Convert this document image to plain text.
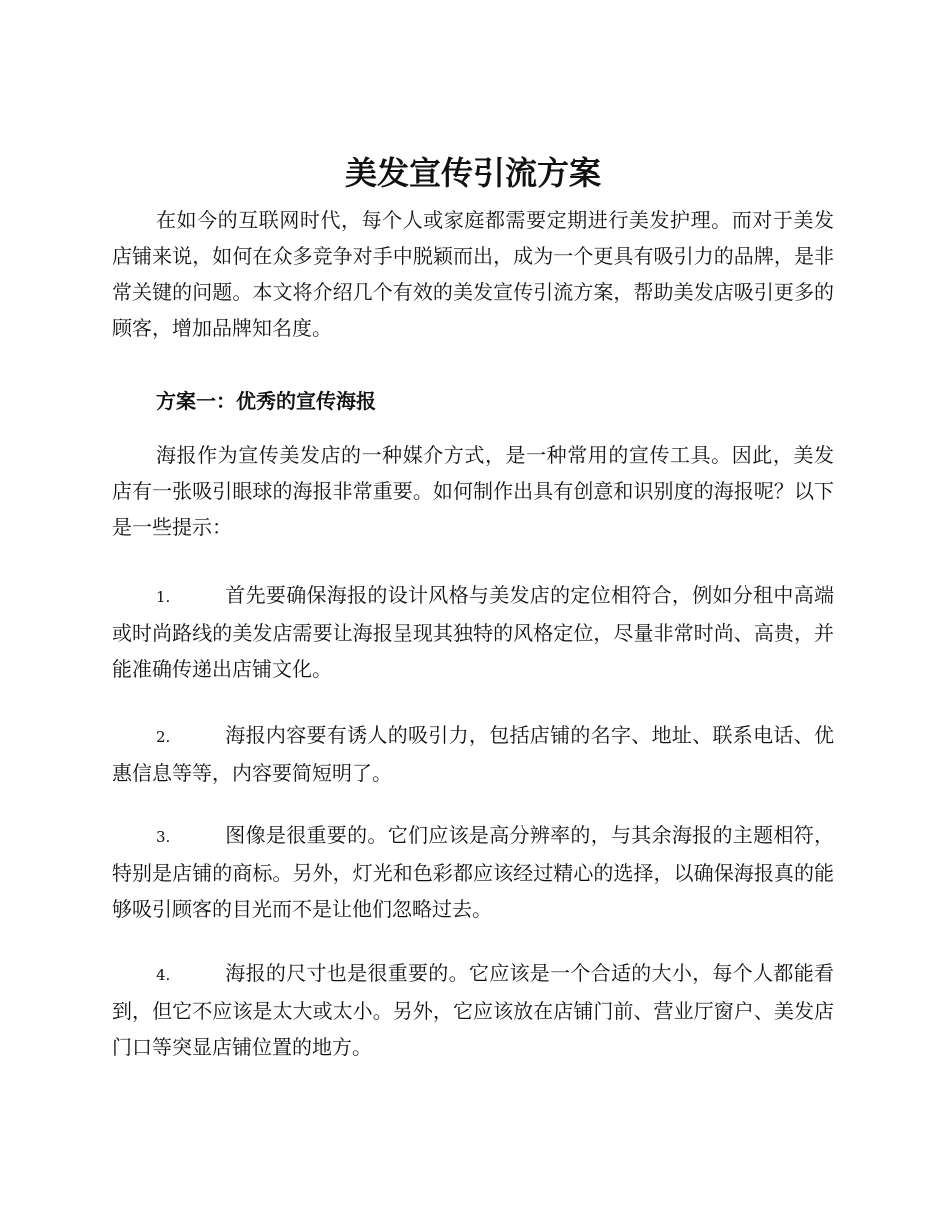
美发宣传引流方案

在如今的互联网时代，每个人或家庭都需要定期进行美发护理。而对于美发店铺来说，如何在众多竞争对手中脱颖而出，成为一个更具有吸引力的品牌，是非常关键的问题。本文将介绍几个有效的美发宣传引流方案，帮助美发店吸引更多的顾客，增加品牌知名度。

方案一：优秀的宣传海报

海报作为宣传美发店的一种媒介方式，是一种常用的宣传工具。因此，美发店有一张吸引眼球的海报非常重要。如何制作出具有创意和识别度的海报呢？以下是一些提示：

1.	首先要确保海报的设计风格与美发店的定位相符合，例如分租中高端或时尚路线的美发店需要让海报呈现其独特的风格定位，尽量非常时尚、高贵，并能准确传递出店铺文化。

2.	海报内容要有诱人的吸引力，包括店铺的名字、地址、联系电话、优惠信息等等，内容要简短明了。

3.	图像是很重要的。它们应该是高分辨率的，与其余海报的主题相符，特别是店铺的商标。另外，灯光和色彩都应该经过精心的选择，以确保海报真的能够吸引顾客的目光而不是让他们忽略过去。

4.	海报的尺寸也是很重要的。它应该是一个合适的大小，每个人都能看到，但它不应该是太大或太小。另外，它应该放在店铺门前、营业厅窗户、美发店门口等突显店铺位置的地方。
